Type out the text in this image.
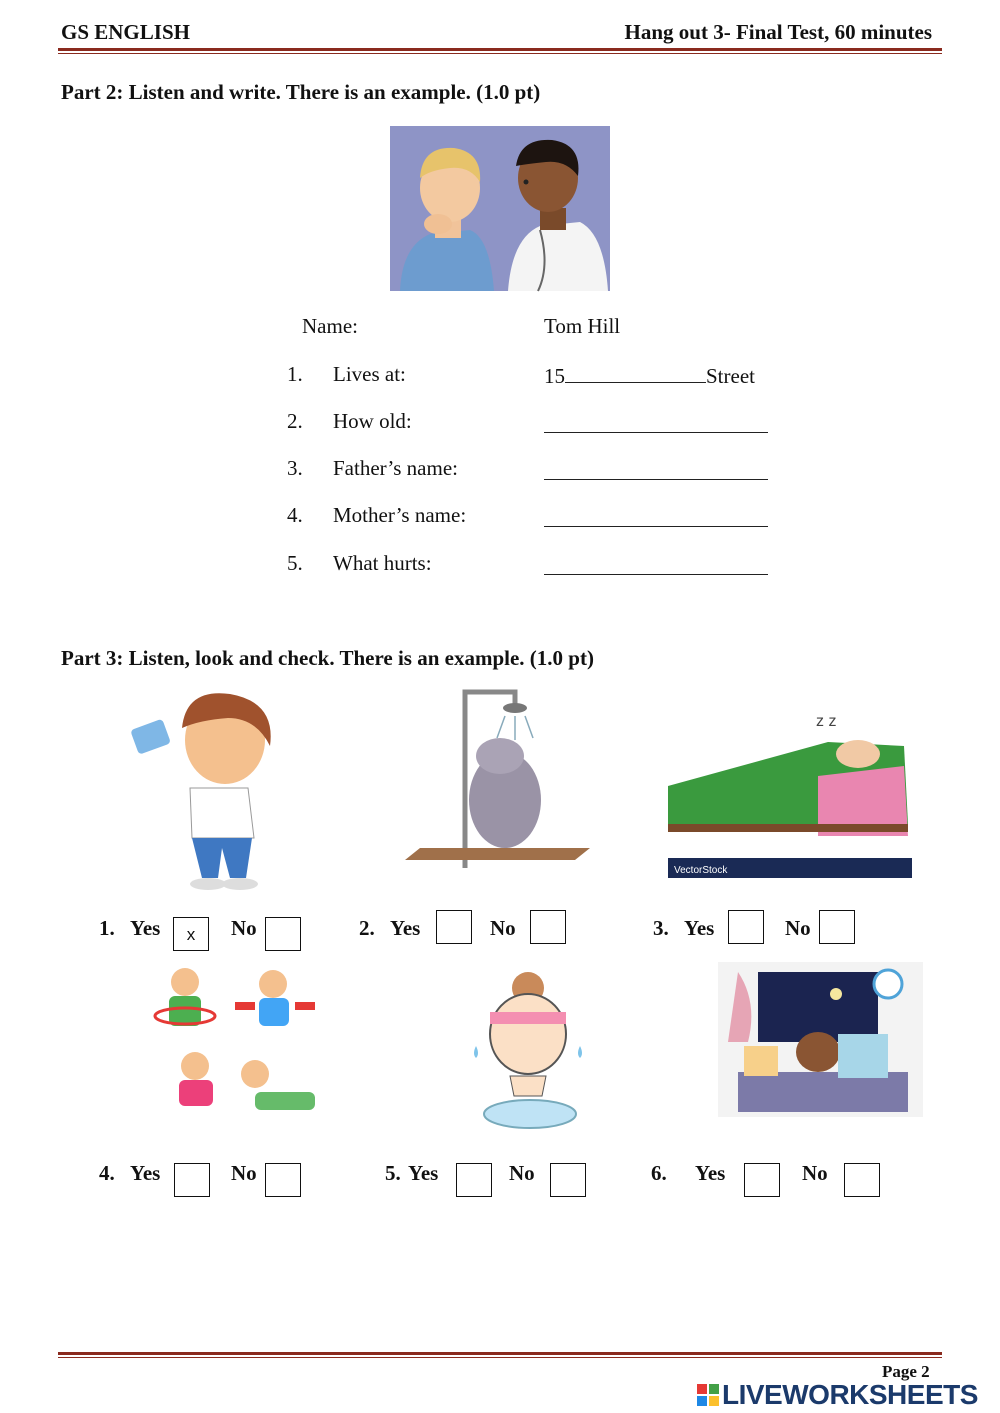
GS ENGLISH	Hang out 3- Final Test, 60 minutes
Part 2: Listen and write. There is an example. (1.0 pt)
Name:	Tom Hill
1. Lives at:	15	Street
2. How old:
3. Father’s name:
4. Mother’s name:
5. What hurts:
Part 3: Listen, look and check. There is an example. (1.0 pt)
z z
VectorStock
1. Yes	x	No	2. Yes	No	3. Yes	No
4. Yes	No	5. Yes	No	6. Yes	No
Page 2
LIVEWORKSHEETS
